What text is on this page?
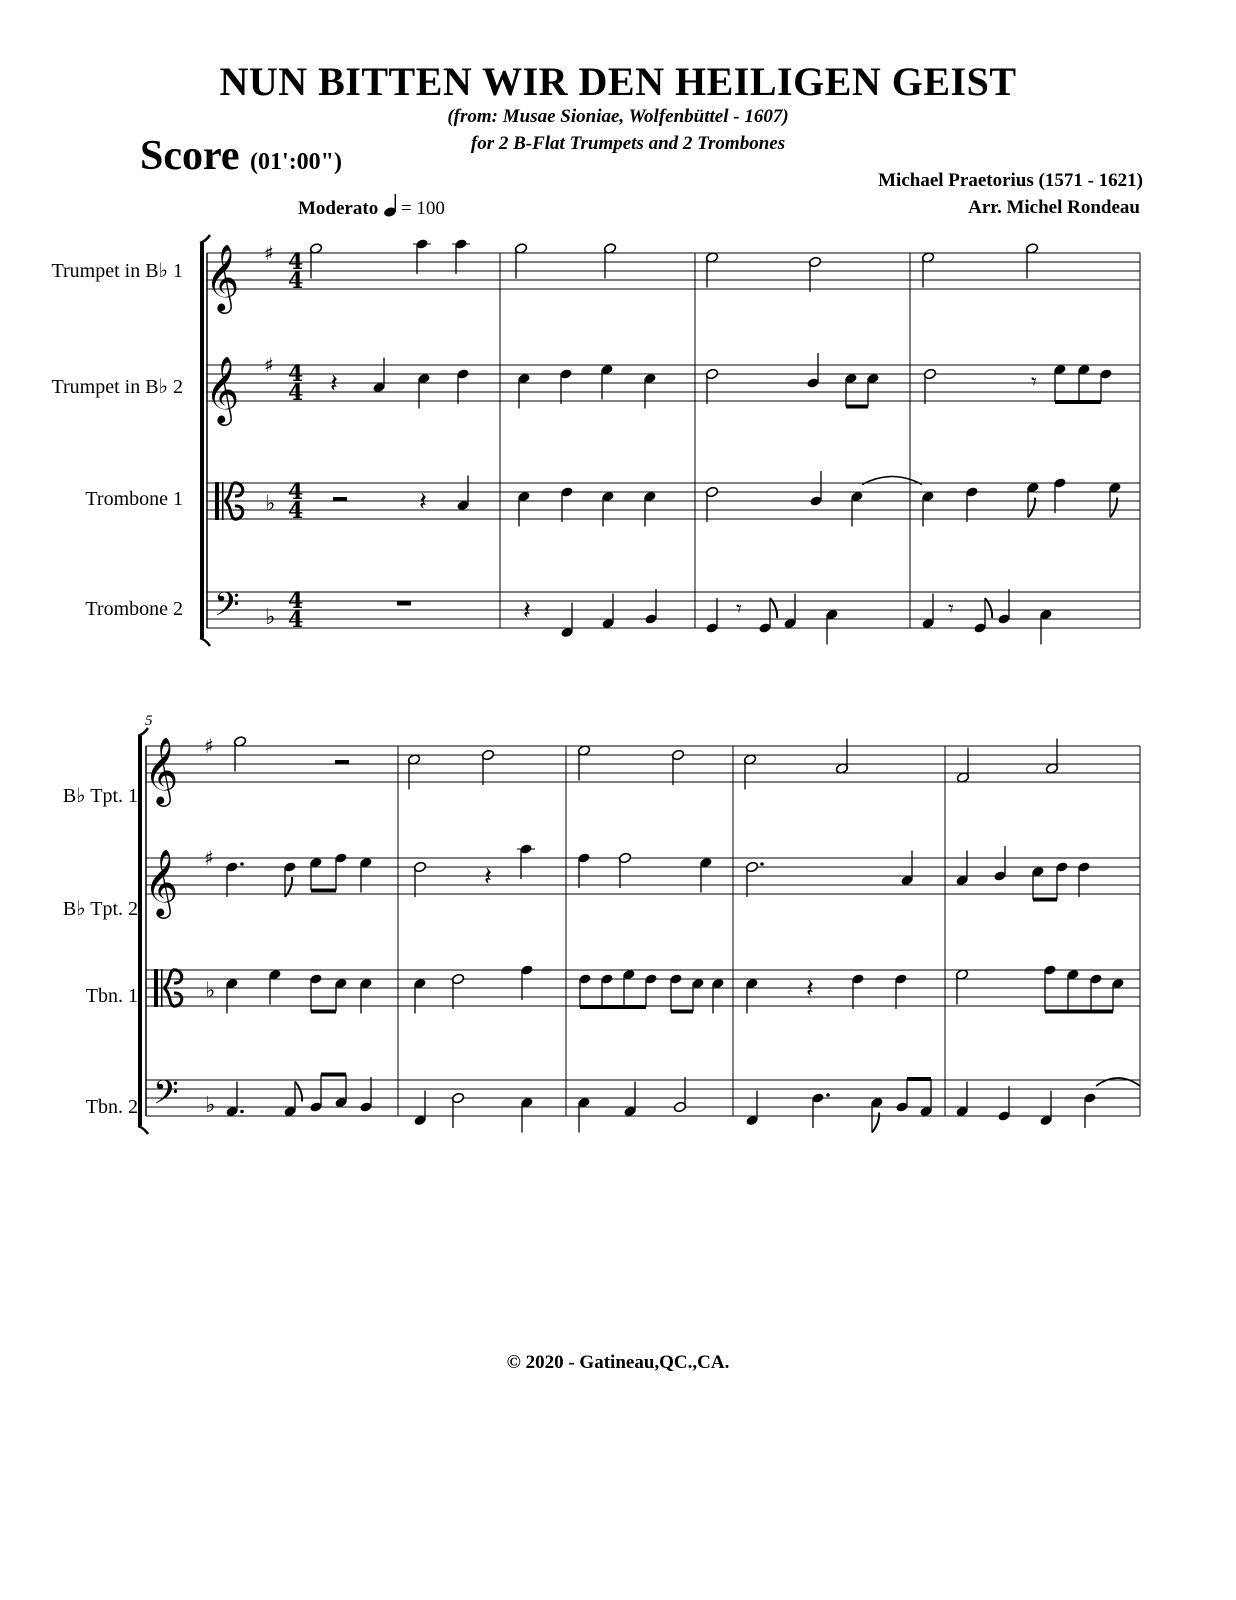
NUN BITTEN WIR DEN HEILIGEN GEIST
(from: Musae Sioniae, Wolfenbüttel - 1607)
for 2 B-Flat Trumpets and 2 Trombones
Score (01':00")
Michael Praetorius (1571 - 1621)
Arr. Michel Rondeau
Moderato = 100
Trumpet in B♭ 1
Trumpet in B♭ 2
Trombone 1
Trombone 2
B♭ Tpt. 1
B♭ Tpt. 2
Tbn. 1
Tbn. 2
5
© 2020 - Gatineau,QC.,CA.
𝄞
𝄞
𝄢
♯
♯
♭
♭
4
4
4
4
4
4
4
4
𝄽	𝄾
𝄽
𝄽	𝄾	𝄾
𝄞
𝄞
𝄢
♯
♯
♭
♭
𝄽
𝄽
